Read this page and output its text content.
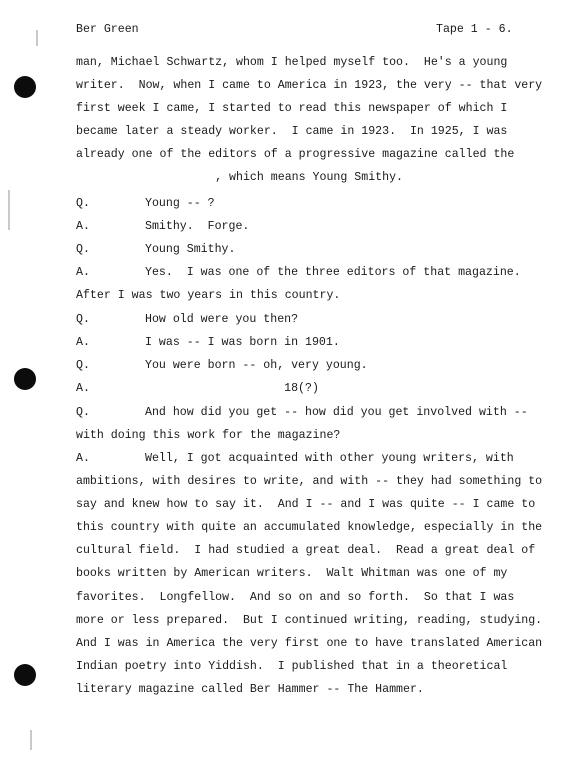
Ber Green	Tape 1 - 6.
man, Michael Schwartz, whom I helped myself too.  He's a young
writer.  Now, when I came to America in 1923, the very -- that very
first week I came, I started to read this newspaper of which I
became later a steady worker.  I came in 1923.  In 1925, I was
already one of the editors of a progressive magazine called the
, which means Young Smithy.
Q.	Young -- ?
A.	Smithy.  Forge.
Q.	Young Smithy.
A.	Yes.  I was one of the three editors of that magazine.
After I was two years in this country.
Q.	How old were you then?
A.	I was -- I was born in 1901.
Q.	You were born -- oh, very young.
A.	18(?)
Q.	And how did you get -- how did you get involved with --
with doing this work for the magazine?
A.	Well, I got acquainted with other young writers, with
ambitions, with desires to write, and with -- they had something to
say and knew how to say it.  And I -- and I was quite -- I came to
this country with quite an accumulated knowledge, especially in the
cultural field.  I had studied a great deal.  Read a great deal of
books written by American writers.  Walt Whitman was one of my
favorites.  Longfellow.  And so on and so forth.  So that I was
more or less prepared.  But I continued writing, reading, studying.
And I was in America the very first one to have translated American
Indian poetry into Yiddish.  I published that in a theoretical
literary magazine called Ber Hammer -- The Hammer.
